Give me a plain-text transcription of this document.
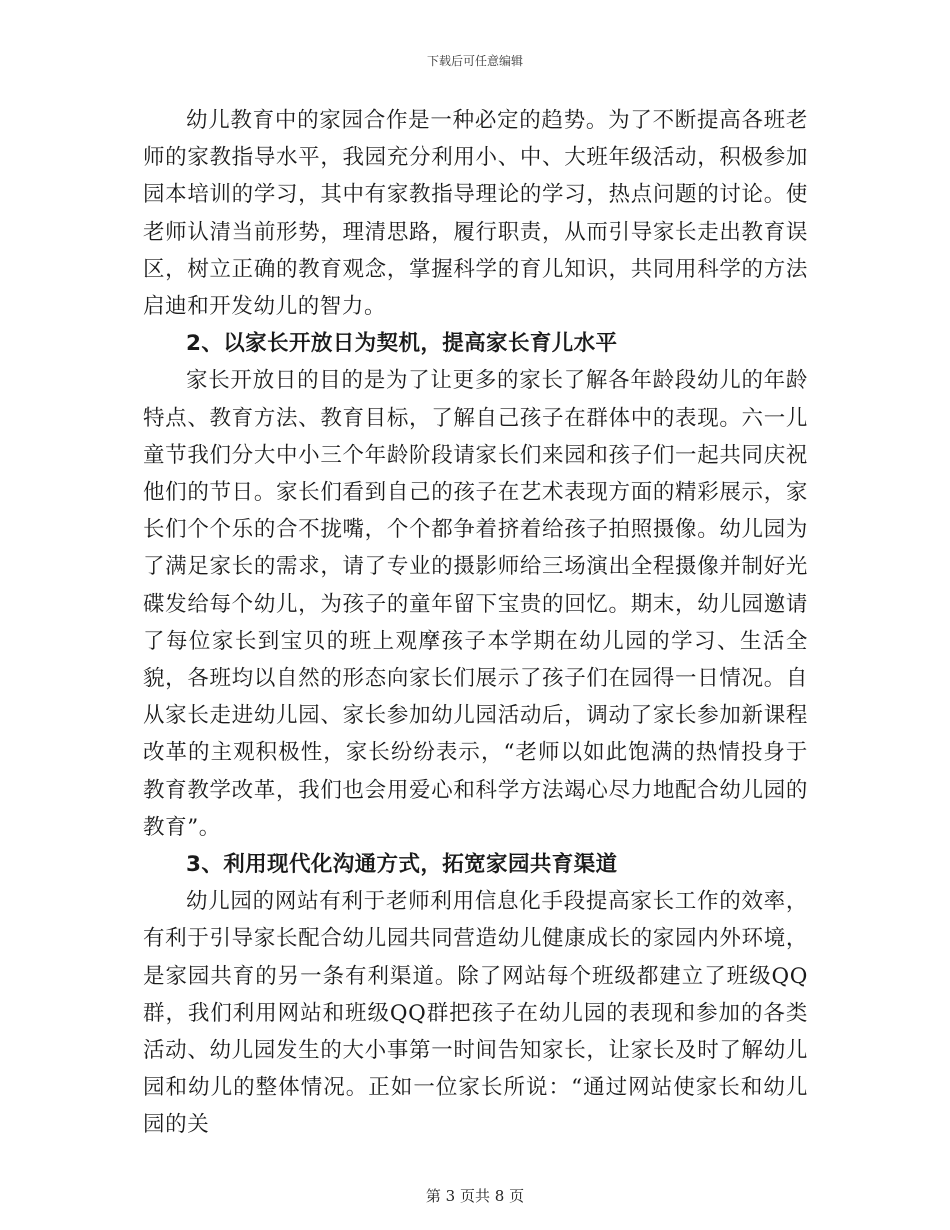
下载后可任意编辑

幼儿教育中的家园合作是一种必定的趋势。为了不断提高各班老师的家教指导水平，我园充分利用小、中、大班年级活动，积极参加园本培训的学习，其中有家教指导理论的学习，热点问题的讨论。使老师认清当前形势，理清思路，履行职责，从而引导家长走出教育误区，树立正确的教育观念，掌握科学的育儿知识，共同用科学的方法启迪和开发幼儿的智力。

2、以家长开放日为契机，提高家长育儿水平

家长开放日的目的是为了让更多的家长了解各年龄段幼儿的年龄特点、教育方法、教育目标，了解自己孩子在群体中的表现。六一儿童节我们分大中小三个年龄阶段请家长们来园和孩子们一起共同庆祝他们的节日。家长们看到自己的孩子在艺术表现方面的精彩展示，家长们个个乐的合不拢嘴，个个都争着挤着给孩子拍照摄像。幼儿园为了满足家长的需求，请了专业的摄影师给三场演出全程摄像并制好光碟发给每个幼儿，为孩子的童年留下宝贵的回忆。期末，幼儿园邀请了每位家长到宝贝的班上观摩孩子本学期在幼儿园的学习、生活全貌，各班均以自然的形态向家长们展示了孩子们在园得一日情况。自从家长走进幼儿园、家长参加幼儿园活动后，调动了家长参加新课程改革的主观积极性，家长纷纷表示，“老师以如此饱满的热情投身于教育教学改革，我们也会用爱心和科学方法竭心尽力地配合幼儿园的教育”。

3、利用现代化沟通方式，拓宽家园共育渠道

幼儿园的网站有利于老师利用信息化手段提高家长工作的效率，有利于引导家长配合幼儿园共同营造幼儿健康成长的家园内外环境，是家园共育的另一条有利渠道。除了网站每个班级都建立了班级QQ群，我们利用网站和班级QQ群把孩子在幼儿园的表现和参加的各类活动、幼儿园发生的大小事第一时间告知家长，让家长及时了解幼儿园和幼儿的整体情况。正如一位家长所说：“通过网站使家长和幼儿园的关

第 3 页共 8 页
